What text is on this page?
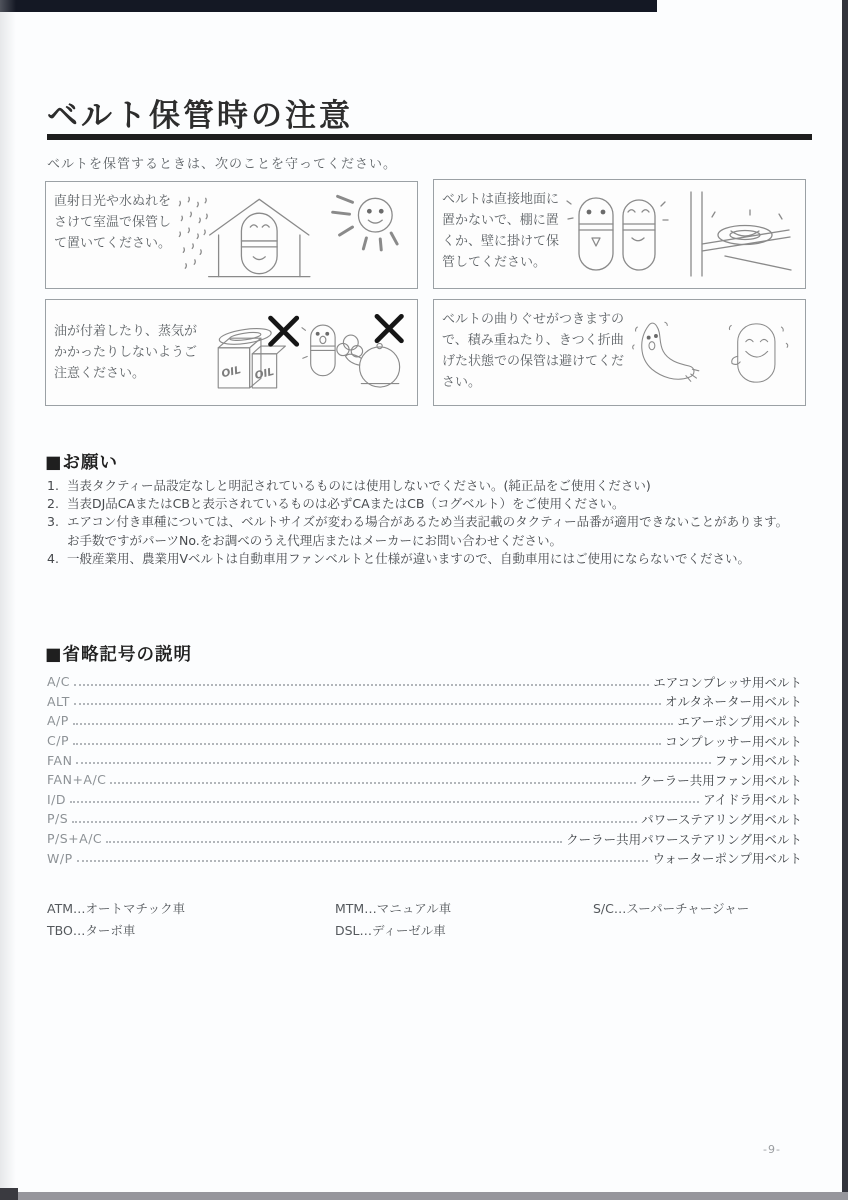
ベルト保管時の注意
ベルトを保管するときは、次のことを守ってください。
直射日光や水ぬれをさけて室温で保管して置いてください。
ベルトは直接地面に置かないで、棚に置くか、壁に掛けて保管してください。
油が付着したり、蒸気がかかったりしないようご注意ください。	OIL OIL
ベルトの曲りぐせがつきますので、積み重ねたり、きつく折曲げた状態での保管は避けてください。
■お願い
1. 当表タクティー品設定なしと明記されているものには使用しないでください。(純正品をご使用ください)
2. 当表DJ品CAまたはCBと表示されているものは必ずCAまたはCB（コグベルト）をご使用ください。
3. エアコン付き車種については、ベルトサイズが変わる場合があるため当表記載のタクティー品番が適用できないことがあります。
お手数ですがパーツNo.をお調べのうえ代理店またはメーカーにお問い合わせください。
4. 一般産業用、農業用Vベルトは自動車用ファンベルトと仕様が違いますので、自動車用にはご使用にならないでください。
■省略記号の説明
A/C	エアコンプレッサ用ベルト
ALT	オルタネーター用ベルト
A/P	エアーポンプ用ベルト
C/P	コンプレッサー用ベルト
FAN	ファン用ベルト
FAN+A/C	クーラー共用ファン用ベルト
I/D	アイドラ用ベルト
P/S	パワーステアリング用ベルト
P/S+A/C	クーラー共用パワーステアリング用ベルト
W/P	ウォーターポンプ用ベルト
ATM…オートマチック車	MTM…マニュアル車	S/C…スーパーチャージャー
TBO…ターボ車	DSL…ディーゼル車
-9-
